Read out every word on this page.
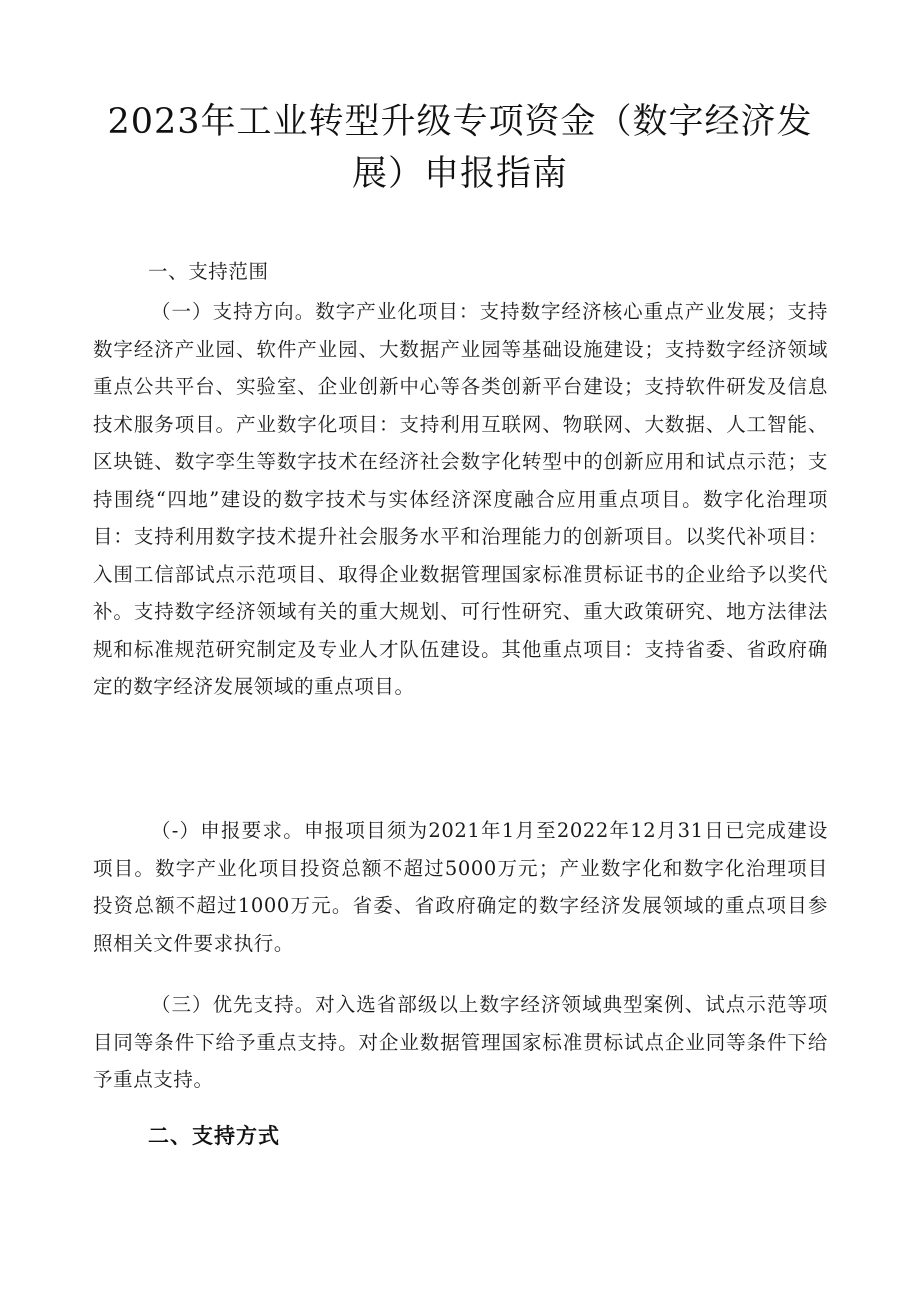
2023年工业转型升级专项资金（数字经济发
展）申报指南
一、支持范围

（一）支持方向。数字产业化项目：支持数字经济核心重点产业发展；支持数字经济产业园、软件产业园、大数据产业园等基础设施建设；支持数字经济领域重点公共平台、实验室、企业创新中心等各类创新平台建设；支持软件研发及信息技术服务项目。产业数字化项目：支持利用互联网、物联网、大数据、人工智能、区块链、数字孪生等数字技术在经济社会数字化转型中的创新应用和试点示范；支持围绕“四地”建设的数字技术与实体经济深度融合应用重点项目。数字化治理项目：支持利用数字技术提升社会服务水平和治理能力的创新项目。以奖代补项目：入围工信部试点示范项目、取得企业数据管理国家标准贯标证书的企业给予以奖代补。支持数字经济领域有关的重大规划、可行性研究、重大政策研究、地方法律法规和标准规范研究制定及专业人才队伍建设。其他重点项目：支持省委、省政府确定的数字经济发展领域的重点项目。

（-）申报要求。申报项目须为2021年1月至2022年12月31日已完成建设项目。数字产业化项目投资总额不超过5000万元；产业数字化和数字化治理项目投资总额不超过1000万元。省委、省政府确定的数字经济发展领域的重点项目参照相关文件要求执行。

（三）优先支持。对入选省部级以上数字经济领域典型案例、试点示范等项目同等条件下给予重点支持。对企业数据管理国家标准贯标试点企业同等条件下给予重点支持。

二、支持方式
